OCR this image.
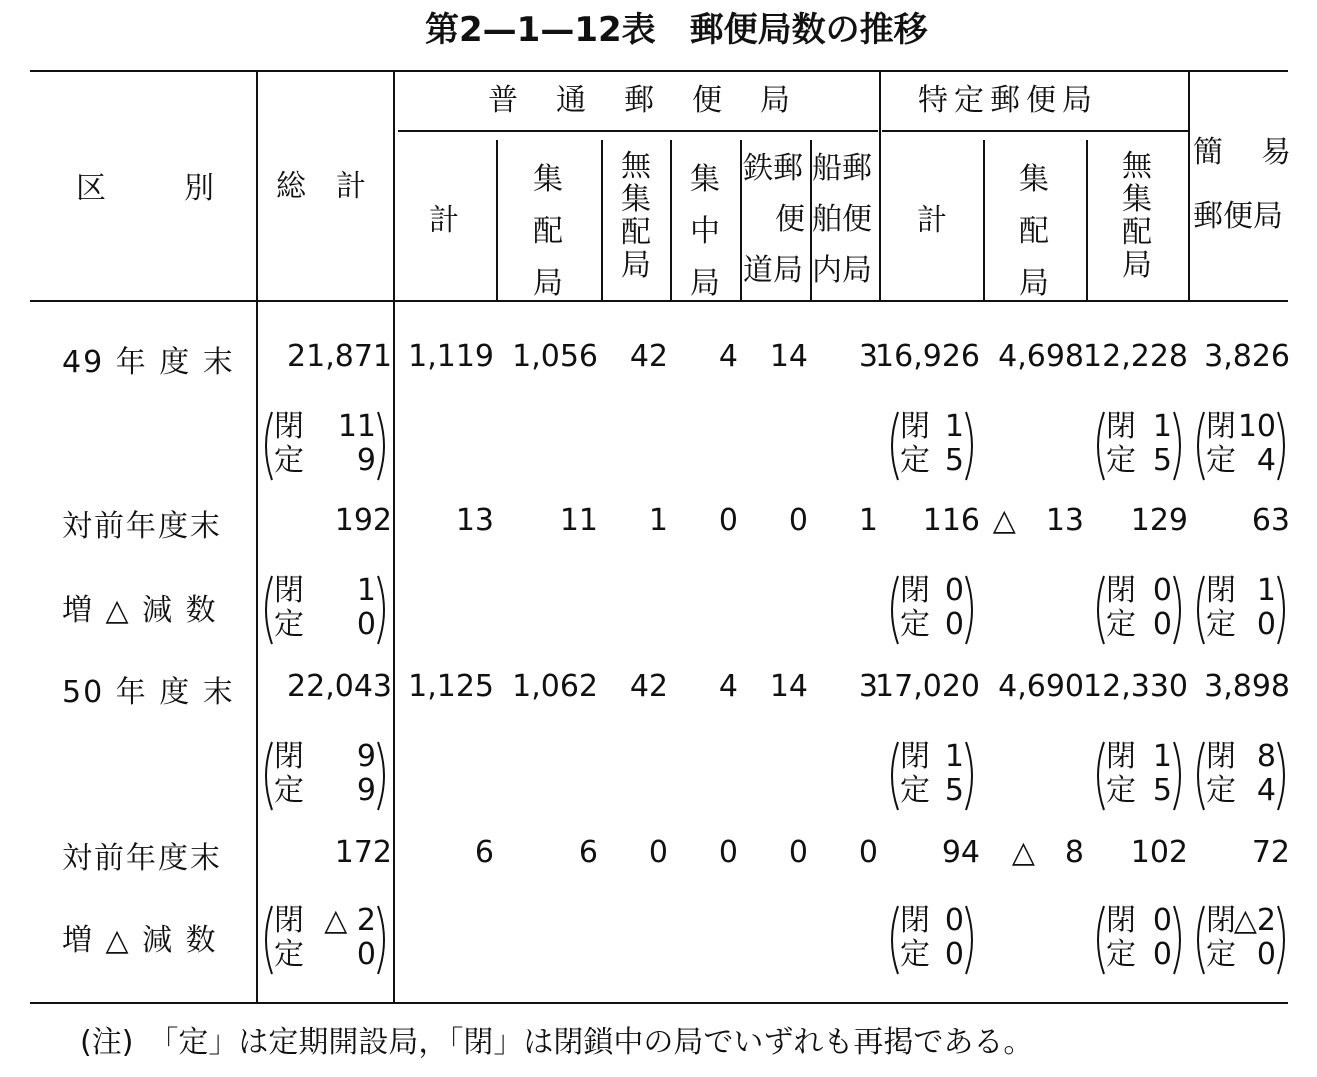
第2—1—12表　郵便局数の推移
区　　別 総　計
普　通　郵　便　局
計
集配局
無集配局
集中局
鉄郵
便
道局
船郵
舶便
内局
特定郵便局
計
集配局
無集配局
簡　易
郵便局
49 年 度 末
対前年度末
増 △ 減 数
50 年 度 末
対前年度末
増 △ 減 数
21,871 1,119 1,056 42 4 14 3
16,926 4,698 12,228 3,826
192 13 11 1 0 0 1 116 △　13 129 63
22,043 1,125 1,062 42 4 14 3
17,020 4,690 12,330 3,898
172	6	6 0 0 0 0 94 △　8 102 72
閉 11
定 9
閉 1
定 5
閉 1
定 5
閉 10
定 4
閉 1
定 0
閉 0
定 0
閉 0
定 0
閉 1
定 0
閉 9
定 9
閉 1
定 5
閉 1
定 5
閉 8
定 4
閉 △ 2
定 0
閉 0
定 0
閉 0
定 0
閉
△2
定 0
(注)　「定」は定期開設局，「閉」は閉鎖中の局でいずれも再掲である。
